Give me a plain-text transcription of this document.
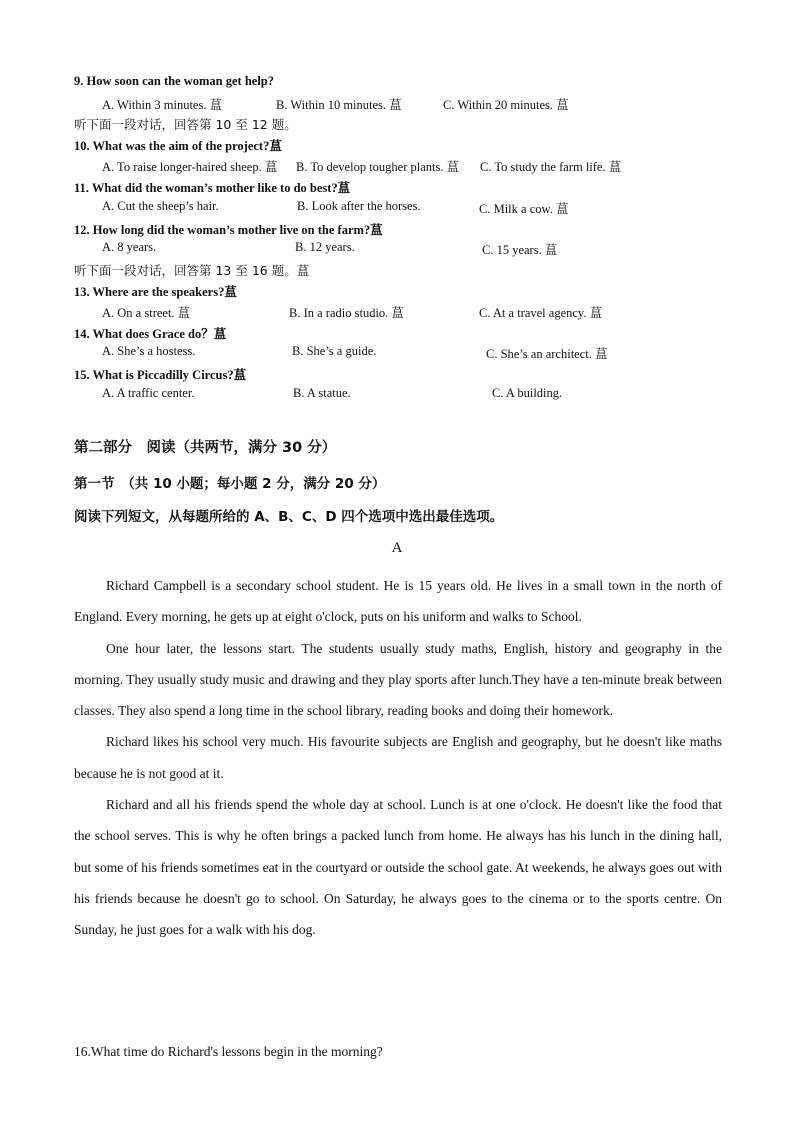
9. How soon can the woman get help?
A. Within 3 minutes. 蒀	B. Within 10 minutes. 蒀	C. Within 20 minutes. 蒀
听下面一段对话，回答第 10 至 12 题。
10. What was the aim of the project?蒀
A. To raise longer-haired sheep. 蒀 B. To develop tougher plants. 蒀 C. To study the farm life. 蒀
11. What did the woman’s mother like to do best?蒀
A. Cut the sheep’s hair.	B. Look after the horses.	C. Milk a cow. 蒀
12. How long did the woman’s mother live on the farm?蒀
A. 8 years.	B. 12 years.	C. 15 years. 蒀
听下面一段对话，回答第 13 至 16 题。蒀
13. Where are the speakers?蒀
A. On a street. 蒀	B. In a radio studio. 蒀	C. At a travel agency. 蒀
14. What does Grace do？蒀
A. She’s a hostess.	B. She’s a guide.	C. She’s an architect. 蒀
15. What is Piccadilly Circus?蒀
A. A traffic center.	B. A statue.	C. A building.
第二部分　阅读（共两节，满分 30 分）
第一节　（共 10 小题；每小题 2 分，满分 20 分）
阅读下列短文，从每题所给的 A、B、C、D 四个选项中选出最佳选项。
A

Richard Campbell is a secondary school student. He is 15 years old. He lives in a small town in the north of England. Every morning, he gets up at eight o'clock, puts on his uniform and walks to School.

One hour later, the lessons start. The students usually study maths, English, history and geography in the morning. They usually study music and drawing and they play sports after lunch.They have a ten-minute break between classes. They also spend a long time in the school library, reading books and doing their homework.

Richard likes his school very much. His favourite subjects are English and geography, but he doesn't like maths because he is not good at it.

Richard and all his friends spend the whole day at school. Lunch is at one o'clock. He doesn't like the food that the school serves. This is why he often brings a packed lunch from home. He always has his lunch in the dining hall, but some of his friends sometimes eat in the courtyard or outside the school gate. At weekends, he always goes out with his friends because he doesn't go to school. On Saturday, he always goes to the cinema or to the sports centre. On Sunday, he just goes for a walk with his dog.

16.What time do Richard's lessons begin in the morning?
